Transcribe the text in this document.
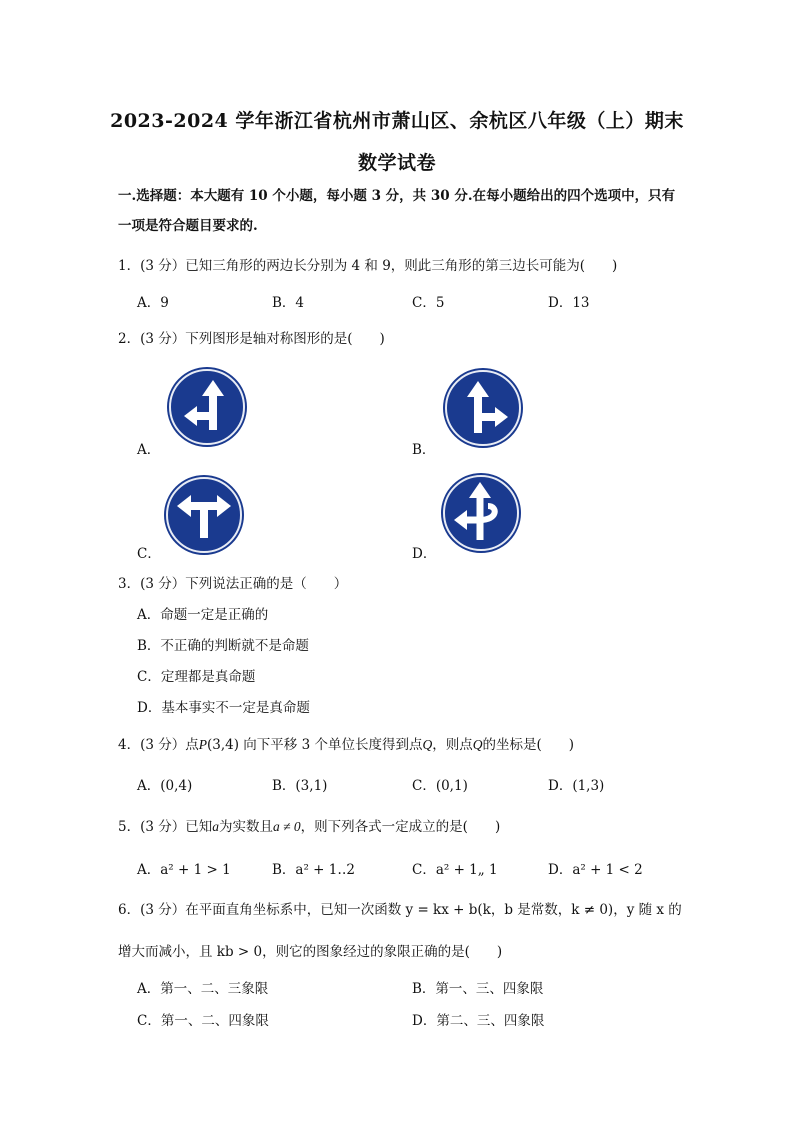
2023-2024 学年浙江省杭州市萧山区、余杭区八年级（上）期末
数学试卷
一.选择题：本大题有 10 个小题，每小题 3 分，共 30 分.在每小题给出的四个选项中，只有
一项是符合题目要求的.
1．(3 分）已知三角形的两边长分别为 4 和 9，则此三角形的第三边长可能为(　　)
A．9	B．4	C．5	D．13
2．(3 分）下列图形是轴对称图形的是(　　)
A．	B．
C．	D．
3．(3 分）下列说法正确的是（　　）
A．命题一定是正确的
B．不正确的判断就不是命题
C．定理都是真命题
D．基本事实不一定是真命题
4．(3 分）点P(3,4) 向下平移 3 个单位长度得到点Q，则点Q的坐标是(　　)
A．(0,4)	B．(3,1)	C．(0,1)	D．(1,3)
5．(3 分）已知a为实数且a ≠ 0，则下列各式一定成立的是(　　)
A．a² + 1 > 1	B．a² + 1‥2	C．a² + 1„ 1	D．a² + 1 < 2
6．(3 分）在平面直角坐标系中，已知一次函数 y = kx + b(k，b 是常数，k ≠ 0)，y 随 x 的
增大而减小，且 kb > 0，则它的图象经过的象限正确的是(　　)
A．第一、二、三象限	B．第一、三、四象限
C．第一、二、四象限	D．第二、三、四象限
